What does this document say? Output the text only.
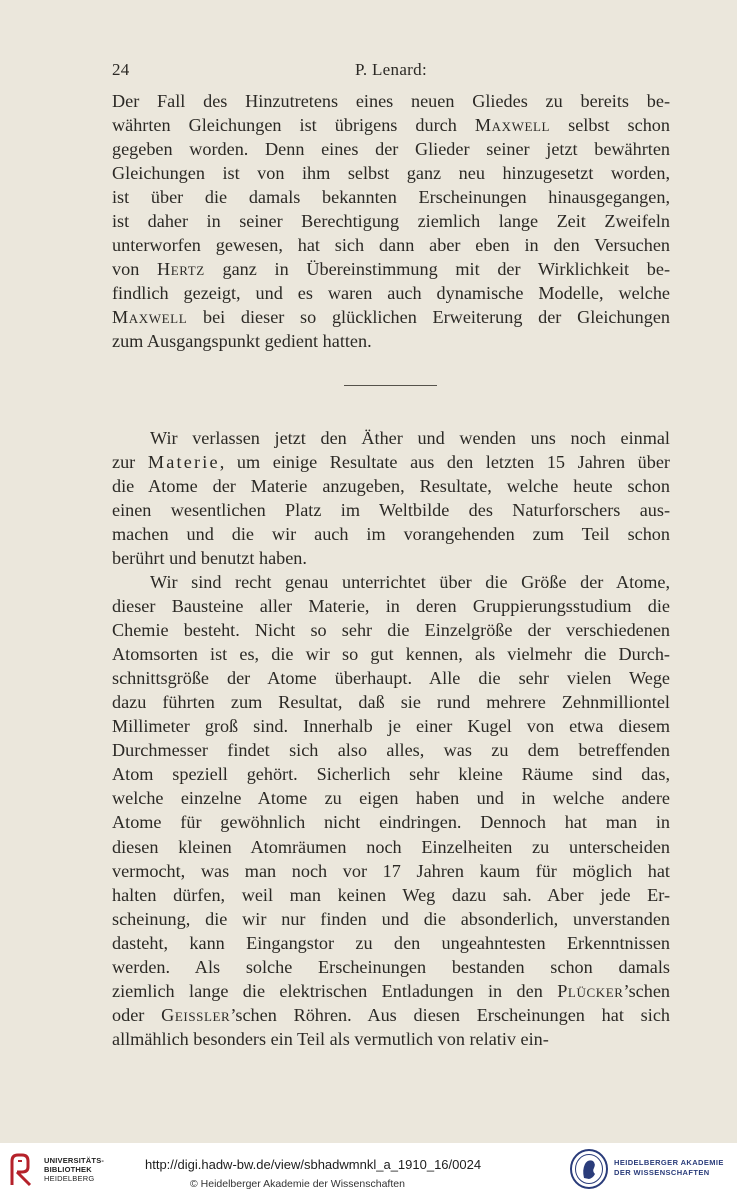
24	P. Lenard:
Der Fall des Hinzutretens eines neuen Gliedes zu bereits be-
währten Gleichungen ist übrigens durch Maxwell selbst schon
gegeben worden. Denn eines der Glieder seiner jetzt bewährten
Gleichungen ist von ihm selbst ganz neu hinzugesetzt worden,
ist über die damals bekannten Erscheinungen hinausgegangen,
ist daher in seiner Berechtigung ziemlich lange Zeit Zweifeln
unterworfen gewesen, hat sich dann aber eben in den Versuchen
von Hertz ganz in Übereinstimmung mit der Wirklichkeit be-
findlich gezeigt, und es waren auch dynamische Modelle, welche
Maxwell bei dieser so glücklichen Erweiterung der Gleichungen
zum Ausgangspunkt gedient hatten.
Wir verlassen jetzt den Äther und wenden uns noch einmal
zur Materie, um einige Resultate aus den letzten 15 Jahren über
die Atome der Materie anzugeben, Resultate, welche heute schon
einen wesentlichen Platz im Weltbilde des Naturforschers aus-
machen und die wir auch im vorangehenden zum Teil schon
berührt und benutzt haben.
Wir sind recht genau unterrichtet über die Größe der Atome,
dieser Bausteine aller Materie, in deren Gruppierungsstudium die
Chemie besteht. Nicht so sehr die Einzelgröße der verschiedenen
Atomsorten ist es, die wir so gut kennen, als vielmehr die Durch-
schnittsgröße der Atome überhaupt. Alle die sehr vielen Wege
dazu führten zum Resultat, daß sie rund mehrere Zehnmilliontel
Millimeter groß sind. Innerhalb je einer Kugel von etwa diesem
Durchmesser findet sich also alles, was zu dem betreffenden
Atom speziell gehört. Sicherlich sehr kleine Räume sind das,
welche einzelne Atome zu eigen haben und in welche andere
Atome für gewöhnlich nicht eindringen. Dennoch hat man in
diesen kleinen Atomräumen noch Einzelheiten zu unterscheiden
vermocht, was man noch vor 17 Jahren kaum für möglich hat
halten dürfen, weil man keinen Weg dazu sah. Aber jede Er-
scheinung, die wir nur finden und die absonderlich, unverstanden
dasteht, kann Eingangstor zu den ungeahntesten Erkenntnissen
werden. Als solche Erscheinungen bestanden schon damals
ziemlich lange die elektrischen Entladungen in den Plücker’schen
oder Geissler’schen Röhren. Aus diesen Erscheinungen hat sich
allmählich besonders ein Teil als vermutlich von relativ ein-
UNIVERSITÄTS-
BIBLIOTHEK
HEIDELBERG
http://digi.hadw-bw.de/view/sbhadwmnkl_a_1910_16/0024
© Heidelberger Akademie der Wissenschaften
HEIDELBERGER AKADEMIE
DER WISSENSCHAFTEN
